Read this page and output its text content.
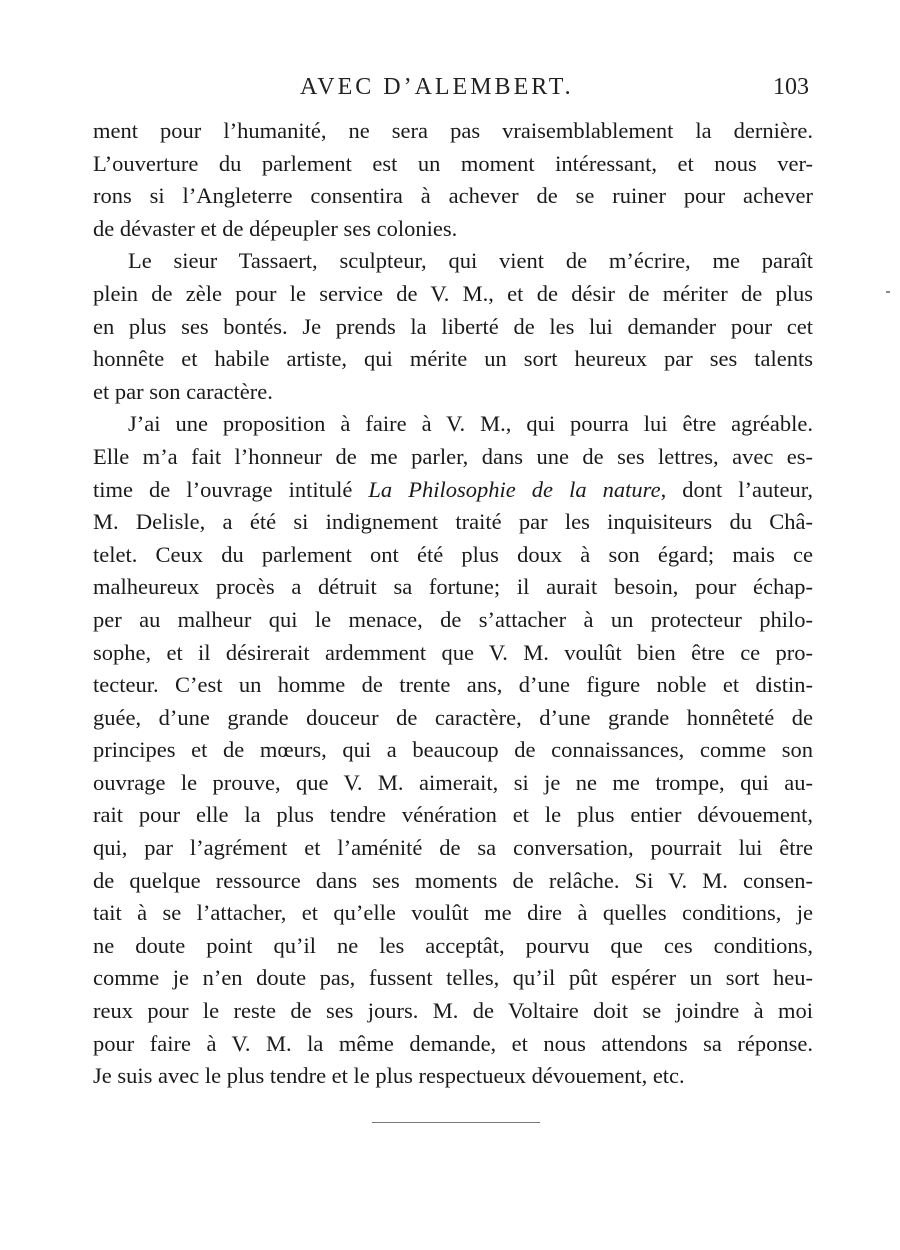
AVEC D’ALEMBERT.	103
ment pour l’humanité, ne sera pas vraisemblablement la dernière.
L’ouverture du parlement est un moment intéressant, et nous ver-
rons si l’Angleterre consentira à achever de se ruiner pour achever
de dévaster et de dépeupler ses colonies.
Le sieur Tassaert, sculpteur, qui vient de m’écrire, me paraît
plein de zèle pour le service de V. M., et de désir de mériter de plus
en plus ses bontés. Je prends la liberté de les lui demander pour cet
honnête et habile artiste, qui mérite un sort heureux par ses talents
et par son caractère.
J’ai une proposition à faire à V. M., qui pourra lui être agréable.
Elle m’a fait l’honneur de me parler, dans une de ses lettres, avec es-
time de l’ouvrage intitulé La Philosophie de la nature, dont l’auteur,
M. Delisle, a été si indignement traité par les inquisiteurs du Châ-
telet. Ceux du parlement ont été plus doux à son égard; mais ce
malheureux procès a détruit sa fortune; il aurait besoin, pour échap-
per au malheur qui le menace, de s’attacher à un protecteur philo-
sophe, et il désirerait ardemment que V. M. voulût bien être ce pro-
tecteur. C’est un homme de trente ans, d’une figure noble et distin-
guée, d’une grande douceur de caractère, d’une grande honnêteté de
principes et de mœurs, qui a beaucoup de connaissances, comme son
ouvrage le prouve, que V. M. aimerait, si je ne me trompe, qui au-
rait pour elle la plus tendre vénération et le plus entier dévouement,
qui, par l’agrément et l’aménité de sa conversation, pourrait lui être
de quelque ressource dans ses moments de relâche. Si V. M. consen-
tait à se l’attacher, et qu’elle voulût me dire à quelles conditions, je
ne doute point qu’il ne les acceptât, pourvu que ces conditions,
comme je n’en doute pas, fussent telles, qu’il pût espérer un sort heu-
reux pour le reste de ses jours. M. de Voltaire doit se joindre à moi
pour faire à V. M. la même demande, et nous attendons sa réponse.
Je suis avec le plus tendre et le plus respectueux dévouement, etc.
